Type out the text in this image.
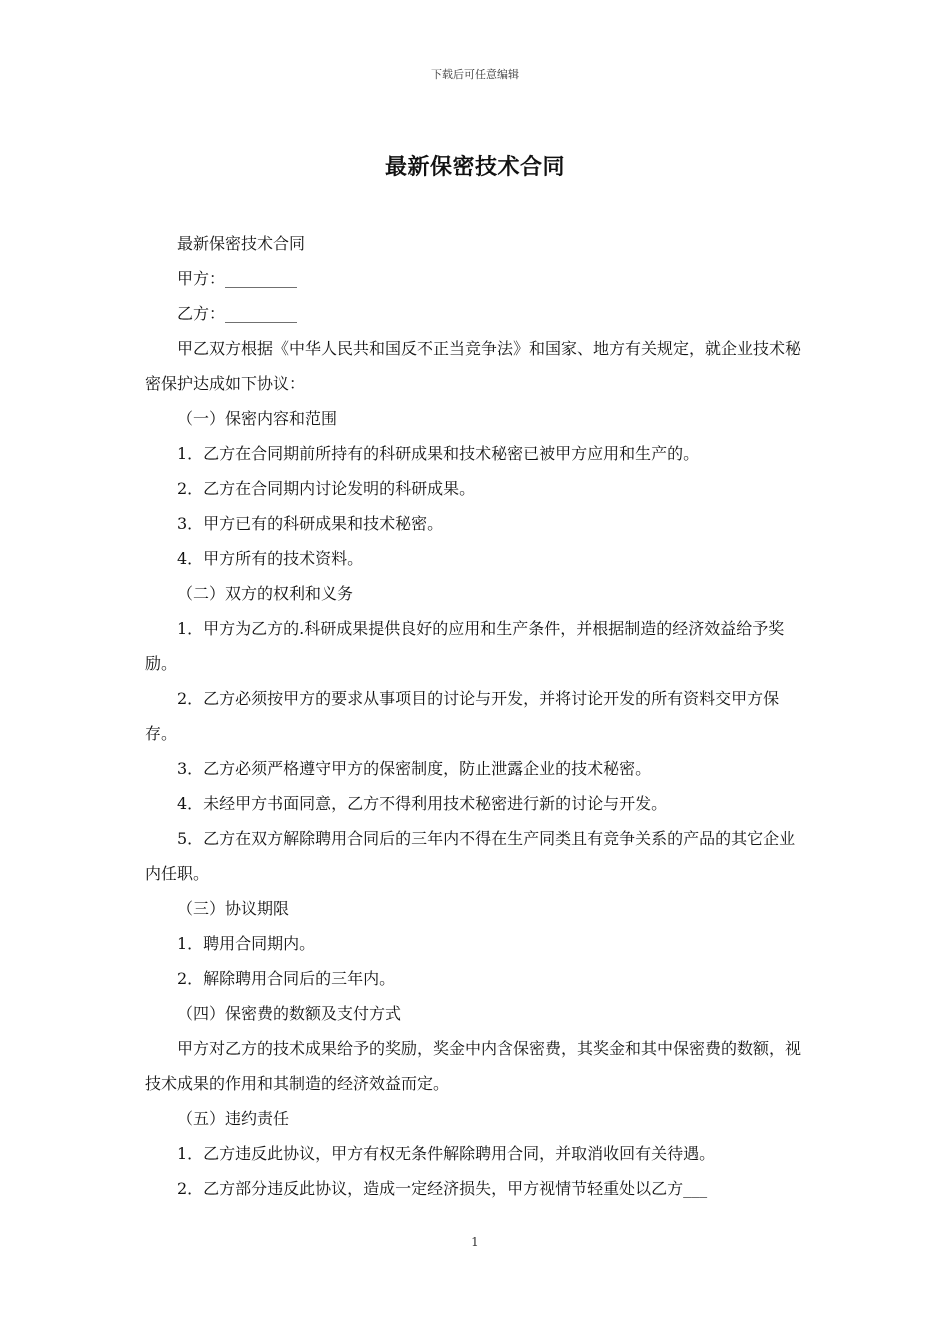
下载后可任意编辑
最新保密技术合同

最新保密技术合同

甲方：_________

乙方：_________

甲乙双方根据《中华人民共和国反不正当竞争法》和国家、地方有关规定，就企业技术秘密保护达成如下协议：

（一）保密内容和范围

1．乙方在合同期前所持有的科研成果和技术秘密已被甲方应用和生产的。

2．乙方在合同期内讨论发明的科研成果。

3．甲方已有的科研成果和技术秘密。

4．甲方所有的技术资料。

（二）双方的权利和义务

1．甲方为乙方的.科研成果提供良好的应用和生产条件，并根据制造的经济效益给予奖励。

2．乙方必须按甲方的要求从事项目的讨论与开发，并将讨论开发的所有资料交甲方保存。

3．乙方必须严格遵守甲方的保密制度，防止泄露企业的技术秘密。

4．未经甲方书面同意，乙方不得利用技术秘密进行新的讨论与开发。

5．乙方在双方解除聘用合同后的三年内不得在生产同类且有竞争关系的产品的其它企业内任职。

（三）协议期限

1．聘用合同期内。

2．解除聘用合同后的三年内。

（四）保密费的数额及支付方式

甲方对乙方的技术成果给予的奖励，奖金中内含保密费，其奖金和其中保密费的数额，视技术成果的作用和其制造的经济效益而定。

（五）违约责任

1．乙方违反此协议，甲方有权无条件解除聘用合同，并取消收回有关待遇。

2．乙方部分违反此协议，造成一定经济损失，甲方视情节轻重处以乙方___

1
